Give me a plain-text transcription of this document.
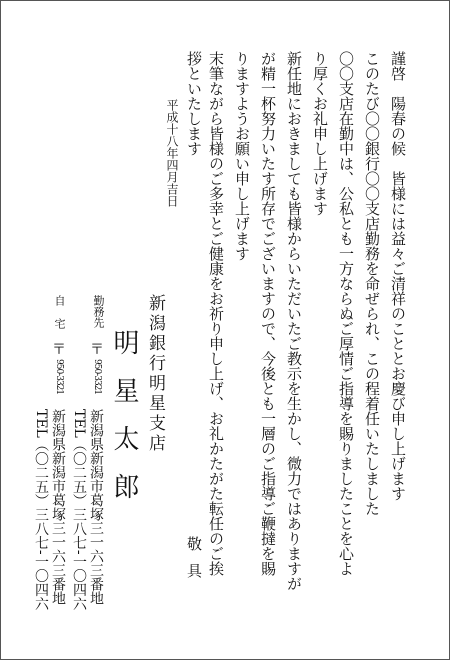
謹啓　陽春の候　皆様には益々ご清祥のこととお慶び申し上げます
このたび〇〇銀行〇〇支店勤務を命ぜられ、この程着任いたしました
〇〇支店在勤中は、公私とも一方ならぬご厚情ご指導を賜りましたことを心よ
り厚くお礼申し上げます
新任地におきましても皆様からいただいたご教示を生かし、微力ではありますが
が精一杯努力いたす所存でございますので、今後とも一層のご指導ご鞭撻を賜
りますようお願い申し上げます
末筆ながら皆様のご多幸とご健康をお祈り申し上げ、お礼かたがた転任のご挨
拶といたします
敬具
平成十八年四月吉日
新潟銀行明星支店
明星太郎
勤務先
〒
950-3321
新潟県新潟市葛塚三一六三番地
TEL（〇二五）三八七-一〇四六
自宅
〒
950-3321
新潟県新潟市葛塚三一六三番地
TEL（〇二五）三八七-一〇四六
